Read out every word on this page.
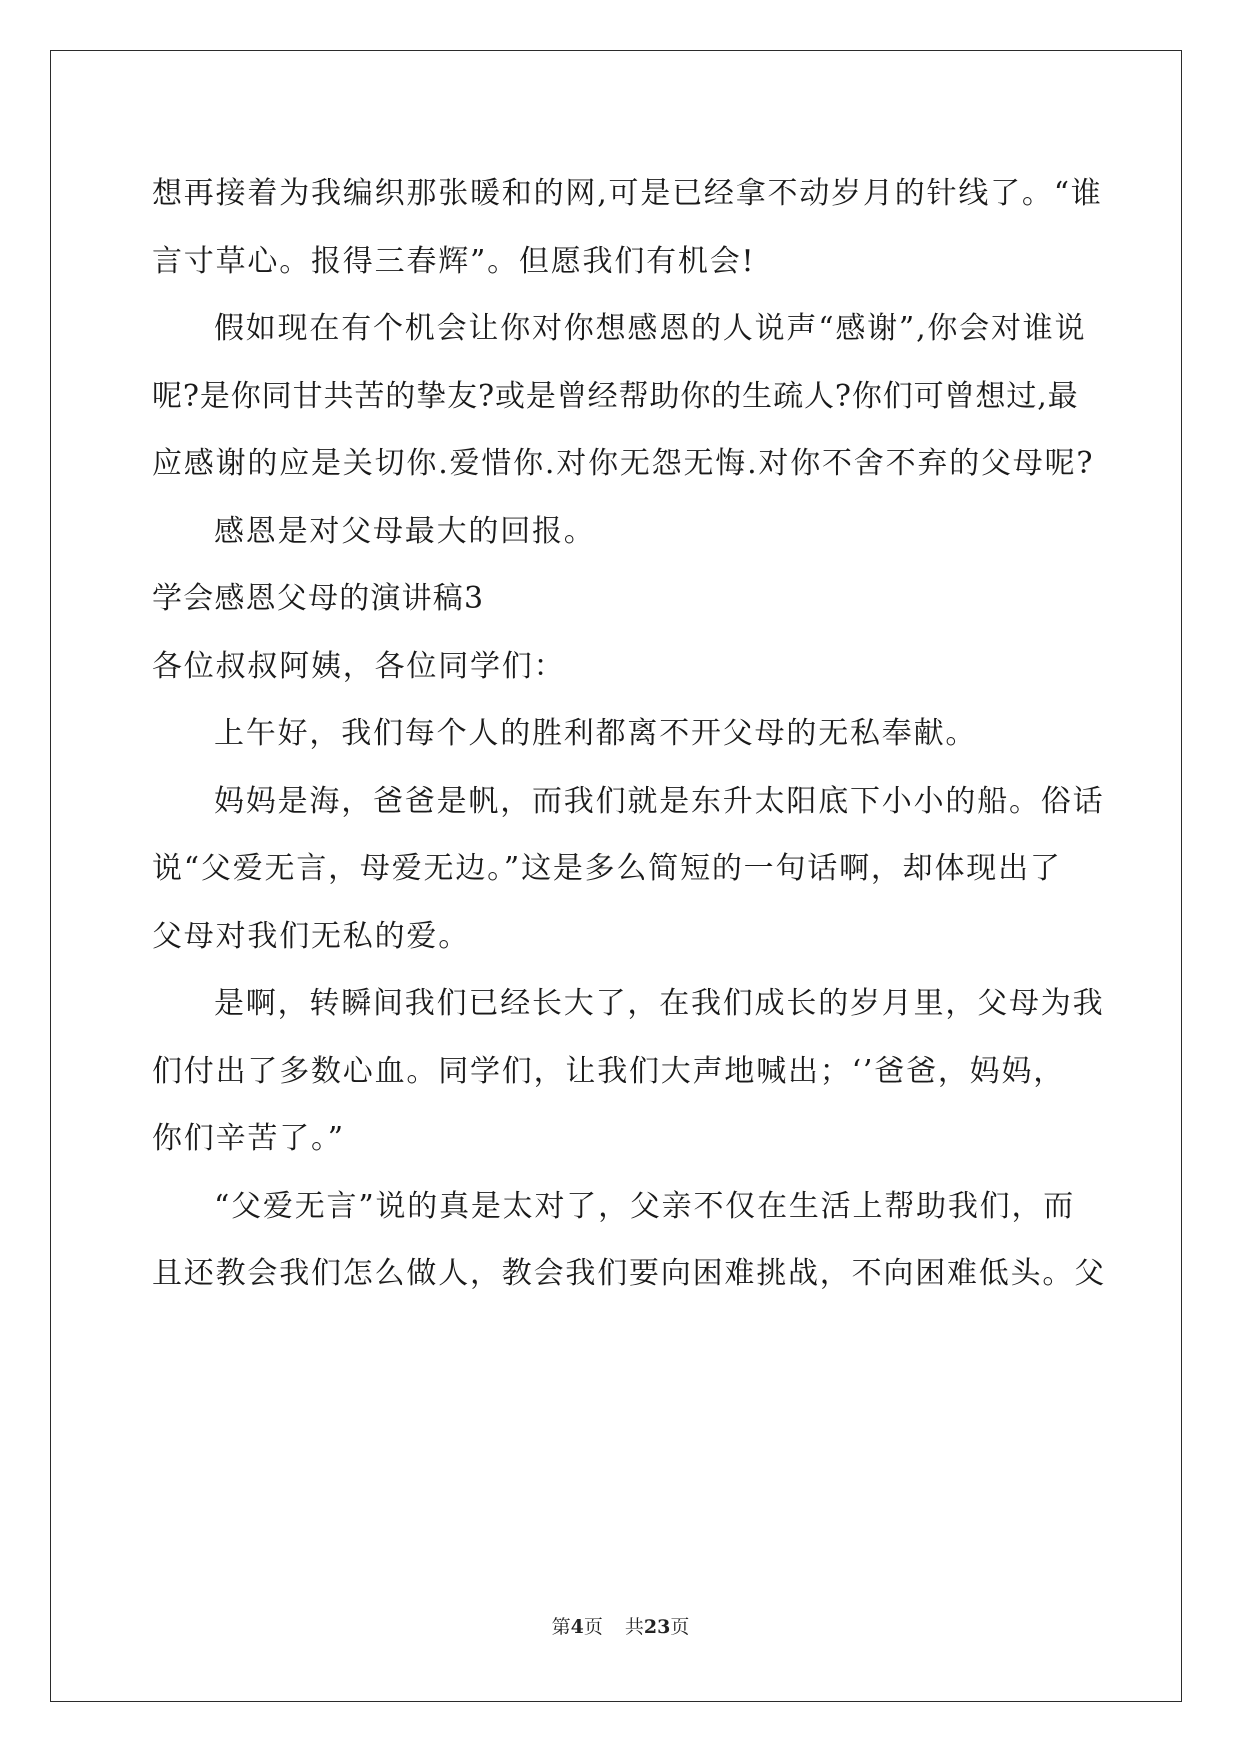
想再接着为我编织那张暖和的网,可是已经拿不动岁月的针线了。“谁
言寸草心。报得三春辉”。但愿我们有机会!
假如现在有个机会让你对你想感恩的人说声“感谢”,你会对谁说
呢?是你同甘共苦的挚友?或是曾经帮助你的生疏人?你们可曾想过,最
应感谢的应是关切你.爱惜你.对你无怨无悔.对你不舍不弃的父母呢?
感恩是对父母最大的回报。
学会感恩父母的演讲稿3
各位叔叔阿姨，各位同学们：
上午好，我们每个人的胜利都离不开父母的无私奉献。
妈妈是海，爸爸是帆，而我们就是东升太阳底下小小的船。俗话
说“父爱无言，母爱无边。”这是多么简短的一句话啊，却体现出了
父母对我们无私的爱。
是啊，转瞬间我们已经长大了，在我们成长的岁月里，父母为我
们付出了多数心血。同学们，让我们大声地喊出；‘’爸爸，妈妈，
你们辛苦了。”
“父爱无言”说的真是太对了，父亲不仅在生活上帮助我们，而
且还教会我们怎么做人，教会我们要向困难挑战，不向困难低头。父
第4页 共23页
